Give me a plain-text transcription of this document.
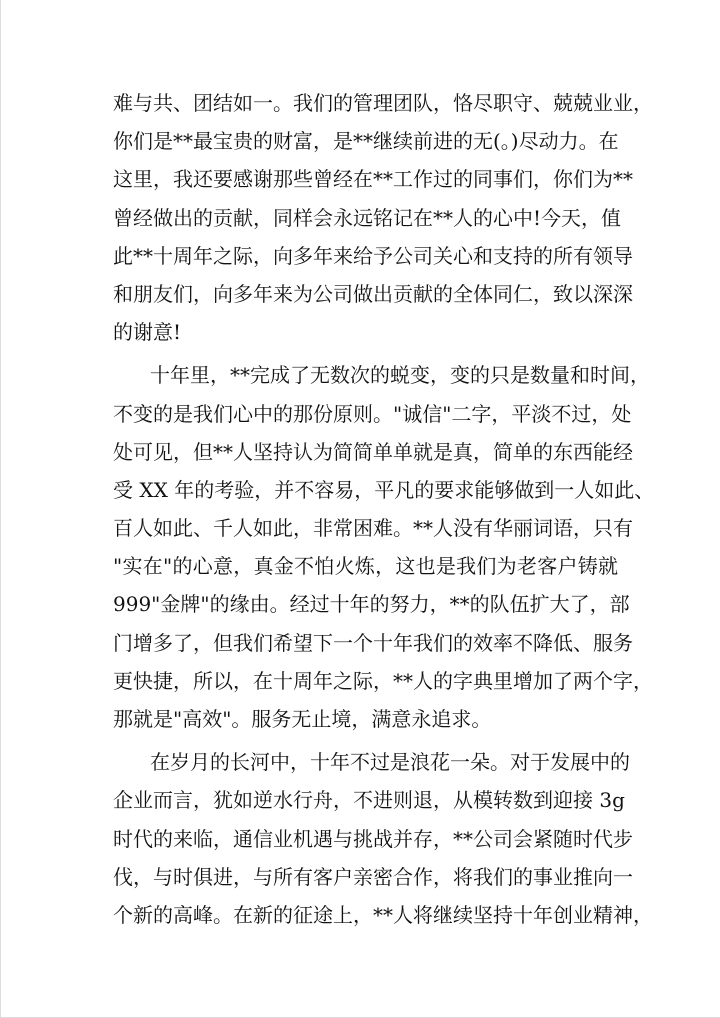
难与共、团结如一。我们的管理团队，恪尽职守、兢兢业业，
你们是**最宝贵的财富，是**继续前进的无(。)尽动力。在
这里，我还要感谢那些曾经在**工作过的同事们，你们为**
曾经做出的贡献，同样会永远铭记在**人的心中!今天，值
此**十周年之际，向多年来给予公司关心和支持的所有领导
和朋友们，向多年来为公司做出贡献的全体同仁，致以深深
的谢意!
十年里，**完成了无数次的蜕变，变的只是数量和时间，
不变的是我们心中的那份原则。"诚信"二字，平淡不过，处
处可见，但**人坚持认为简简单单就是真，简单的东西能经
受 XX 年的考验，并不容易，平凡的要求能够做到一人如此、
百人如此、千人如此，非常困难。**人没有华丽词语，只有
"实在"的心意，真金不怕火炼，这也是我们为老客户铸就
999"金牌"的缘由。经过十年的努力，**的队伍扩大了，部
门增多了，但我们希望下一个十年我们的效率不降低、服务
更快捷，所以，在十周年之际，**人的字典里增加了两个字，
那就是"高效"。服务无止境，满意永追求。
在岁月的长河中，十年不过是浪花一朵。对于发展中的
企业而言，犹如逆水行舟，不进则退，从模转数到迎接 3g
时代的来临，通信业机遇与挑战并存，**公司会紧随时代步
伐，与时俱进，与所有客户亲密合作，将我们的事业推向一
个新的高峰。在新的征途上，**人将继续坚持十年创业精神，
